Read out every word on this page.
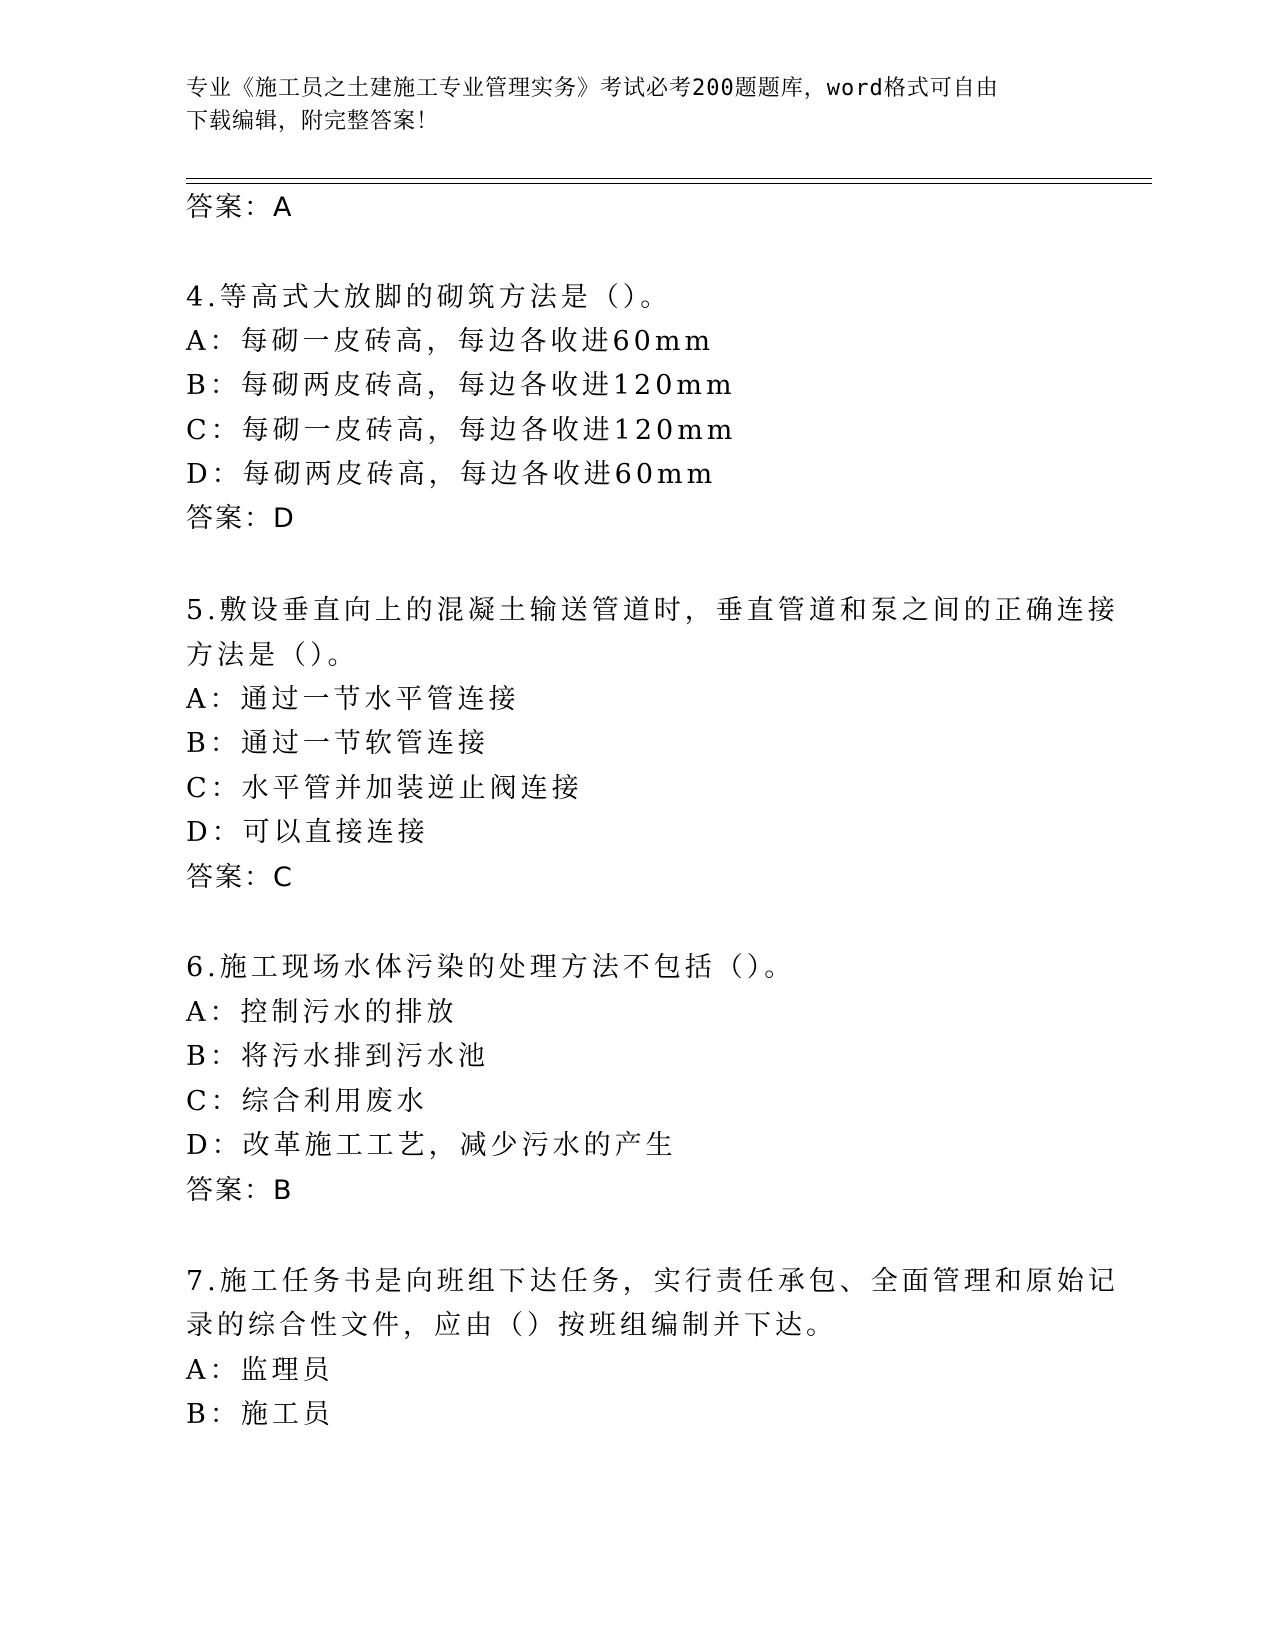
专业《施工员之土建施工专业管理实务》考试必考200题题库，word格式可自由
下载编辑，附完整答案！
答案：A
4.等高式大放脚的砌筑方法是（）。
A：每砌一皮砖高，每边各收进60mm
B：每砌两皮砖高，每边各收进120mm
C：每砌一皮砖高，每边各收进120mm
D：每砌两皮砖高，每边各收进60mm
答案：D
5.敷设垂直向上的混凝土输送管道时，垂直管道和泵之间的正确连接
方法是（）。
A：通过一节水平管连接
B：通过一节软管连接
C：水平管并加装逆止阀连接
D：可以直接连接
答案：C
6.施工现场水体污染的处理方法不包括（）。
A：控制污水的排放
B：将污水排到污水池
C：综合利用废水
D：改革施工工艺，减少污水的产生
答案：B
7.施工任务书是向班组下达任务，实行责任承包、全面管理和原始记
录的综合性文件，应由（）按班组编制并下达。
A：监理员
B：施工员
